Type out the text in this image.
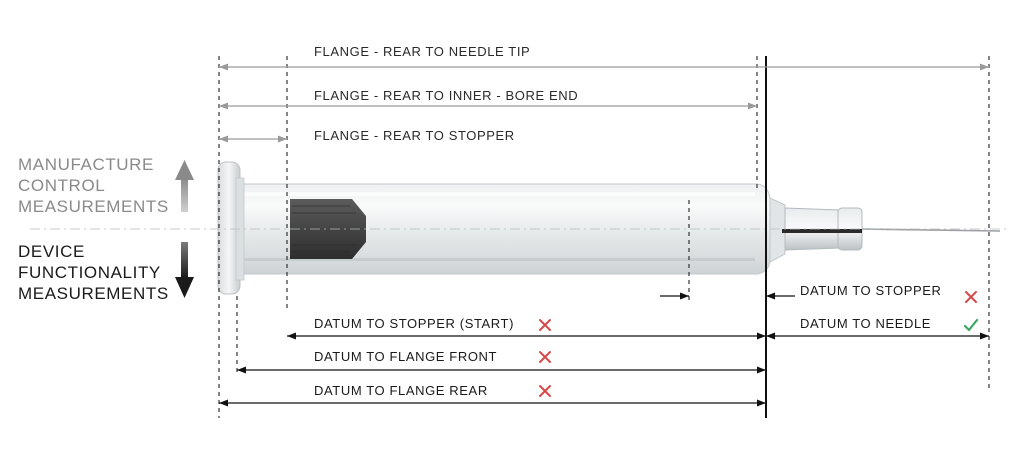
MANUFACTURE
CONTROL
MEASUREMENTS
DEVICE
FUNCTIONALITY
MEASUREMENTS
FLANGE - REAR TO NEEDLE TIP
FLANGE - REAR TO INNER - BORE END
FLANGE - REAR TO STOPPER
DATUM TO STOPPER
DATUM TO NEEDLE
DATUM TO STOPPER (START)
DATUM TO FLANGE FRONT
DATUM TO FLANGE REAR
